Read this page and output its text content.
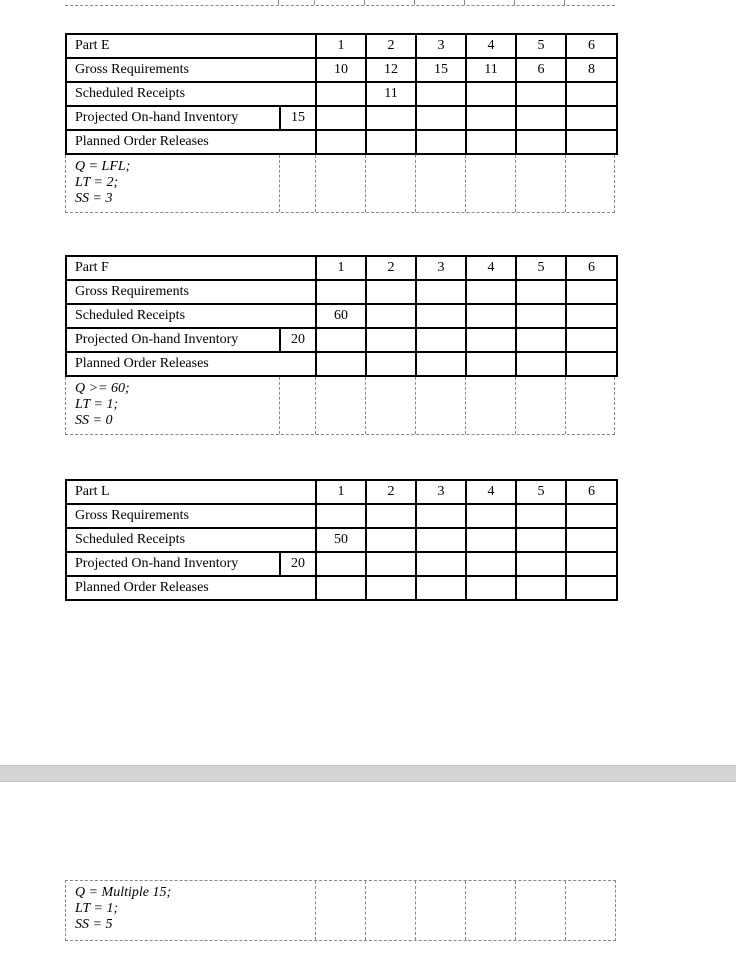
Part E		1	2	3	4	5	6
Gross Requirements		10	12	15	11	6	8
Scheduled Receipts			11				
Projected On-hand Inventory	15						
Planned Order Releases							
Q = LFL;
LT = 2;
SS = 3
Part F		1	2	3	4	5	6
Gross Requirements							
Scheduled Receipts		60					
Projected On-hand Inventory	20						
Planned Order Releases							
Q >= 60;
LT = 1;
SS = 0
Part L		1	2	3	4	5	6
Gross Requirements							
Scheduled Receipts		50					
Projected On-hand Inventory	20						
Planned Order Releases							
Q = Multiple 15;
LT = 1;
SS = 5
